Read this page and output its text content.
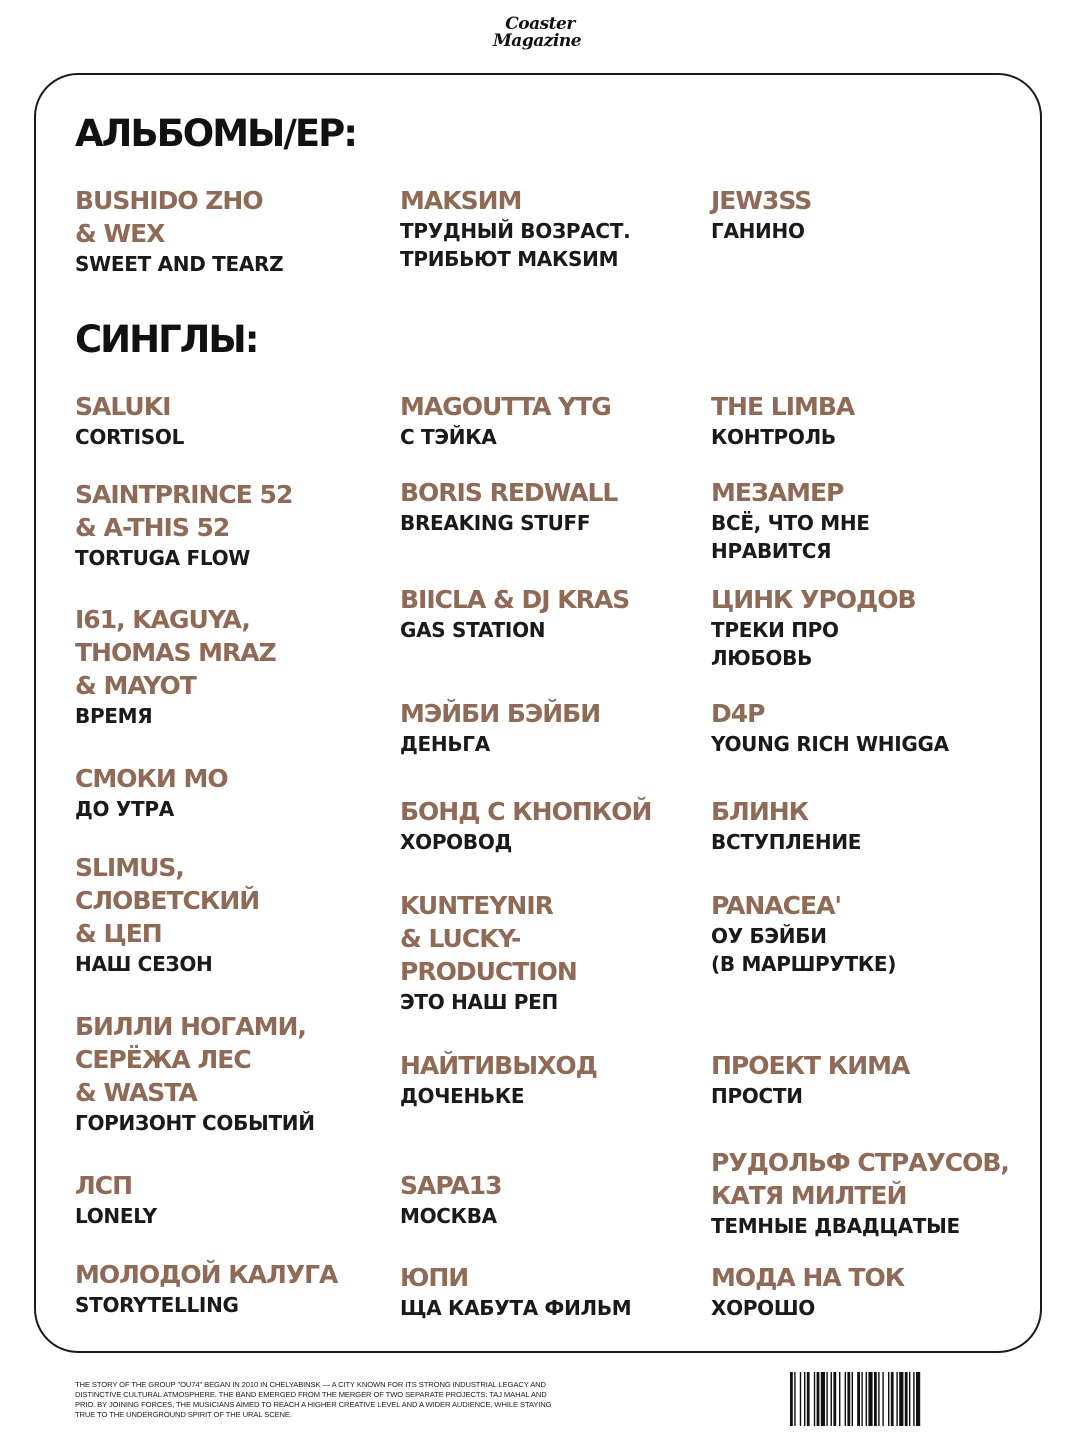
Coaster
Magazine
АЛЬБОМЫ/EP:
BUSHIDO ZHO
& WEX
SWEET AND TEARZ
MAKSИM
ТРУДНЫЙ ВОЗРАСТ.
ТРИБЬЮТ МАКSИМ
JEW3SS
ГАНИНО
СИНГЛЫ:
SALUKI
CORTISOL
SAINTPRINCE 52
& A-THIS 52
TORTUGA FLOW
I61, KAGUYA,
THOMAS MRAZ
& MAYOT
ВРЕМЯ
СМОКИ МО
ДО УТРА
SLIMUS,
СЛОВЕТСКИЙ
& ЦЕП
НАШ СЕЗОН
БИЛЛИ НОГАМИ,
СЕРЁЖА ЛЕС
& WASTA
ГОРИЗОНТ СОБЫТИЙ
ЛСП
LONELY
МОЛОДОЙ КАЛУГА
STORYTELLING
MAGOUTTA YTG
С ТЭЙКА
BORIS REDWALL
BREAKING STUFF
BIICLA & DJ KRAS
GAS STATION
МЭЙБИ БЭЙБИ
ДЕНЬГА
БОНД С КНОПКОЙ
ХОРОВОД
KUNTEYNIR
& LUCKY-
PRODUCTION
ЭТО НАШ РЕП
НАЙТИВЫХОД
ДОЧЕНЬКЕ
SAPA13
МОСКВА
ЮПИ
ЩА КАБУТА ФИЛЬМ
THE LIMBA
КОНТРОЛЬ
МЕЗАМЕР
ВСЁ, ЧТО МНЕ
НРАВИТСЯ
ЦИНК УРОДОВ
ТРЕКИ ПРО
ЛЮБОВЬ
D4P
YOUNG RICH WHIGGA
БЛИНК
ВСТУПЛЕНИЕ
PANACEA'
ОУ БЭЙБИ
(В МАРШРУТКЕ)
ПРОЕКТ КИМА
ПРОСТИ
РУДОЛЬФ СТРАУСОВ,
КАТЯ МИЛТЕЙ
ТЕМНЫЕ ДВАДЦАТЫЕ
МОДА НА ТОК
ХОРОШО
THE STORY OF THE GROUP "OU74" BEGAN IN 2010 IN CHELYABINSK — A CITY KNOWN FOR ITS STRONG INDUSTRIAL LEGACY AND DISTINCTIVE CULTURAL ATMOSPHERE. THE BAND EMERGED FROM THE MERGER OF TWO SEPARATE PROJECTS: TAJ MAHAL AND PRIO. BY JOINING FORCES, THE MUSICIANS AIMED TO REACH A HIGHER CREATIVE LEVEL AND A WIDER AUDIENCE, WHILE STAYING TRUE TO THE UNDERGROUND SPIRIT OF THE URAL SCENE.
